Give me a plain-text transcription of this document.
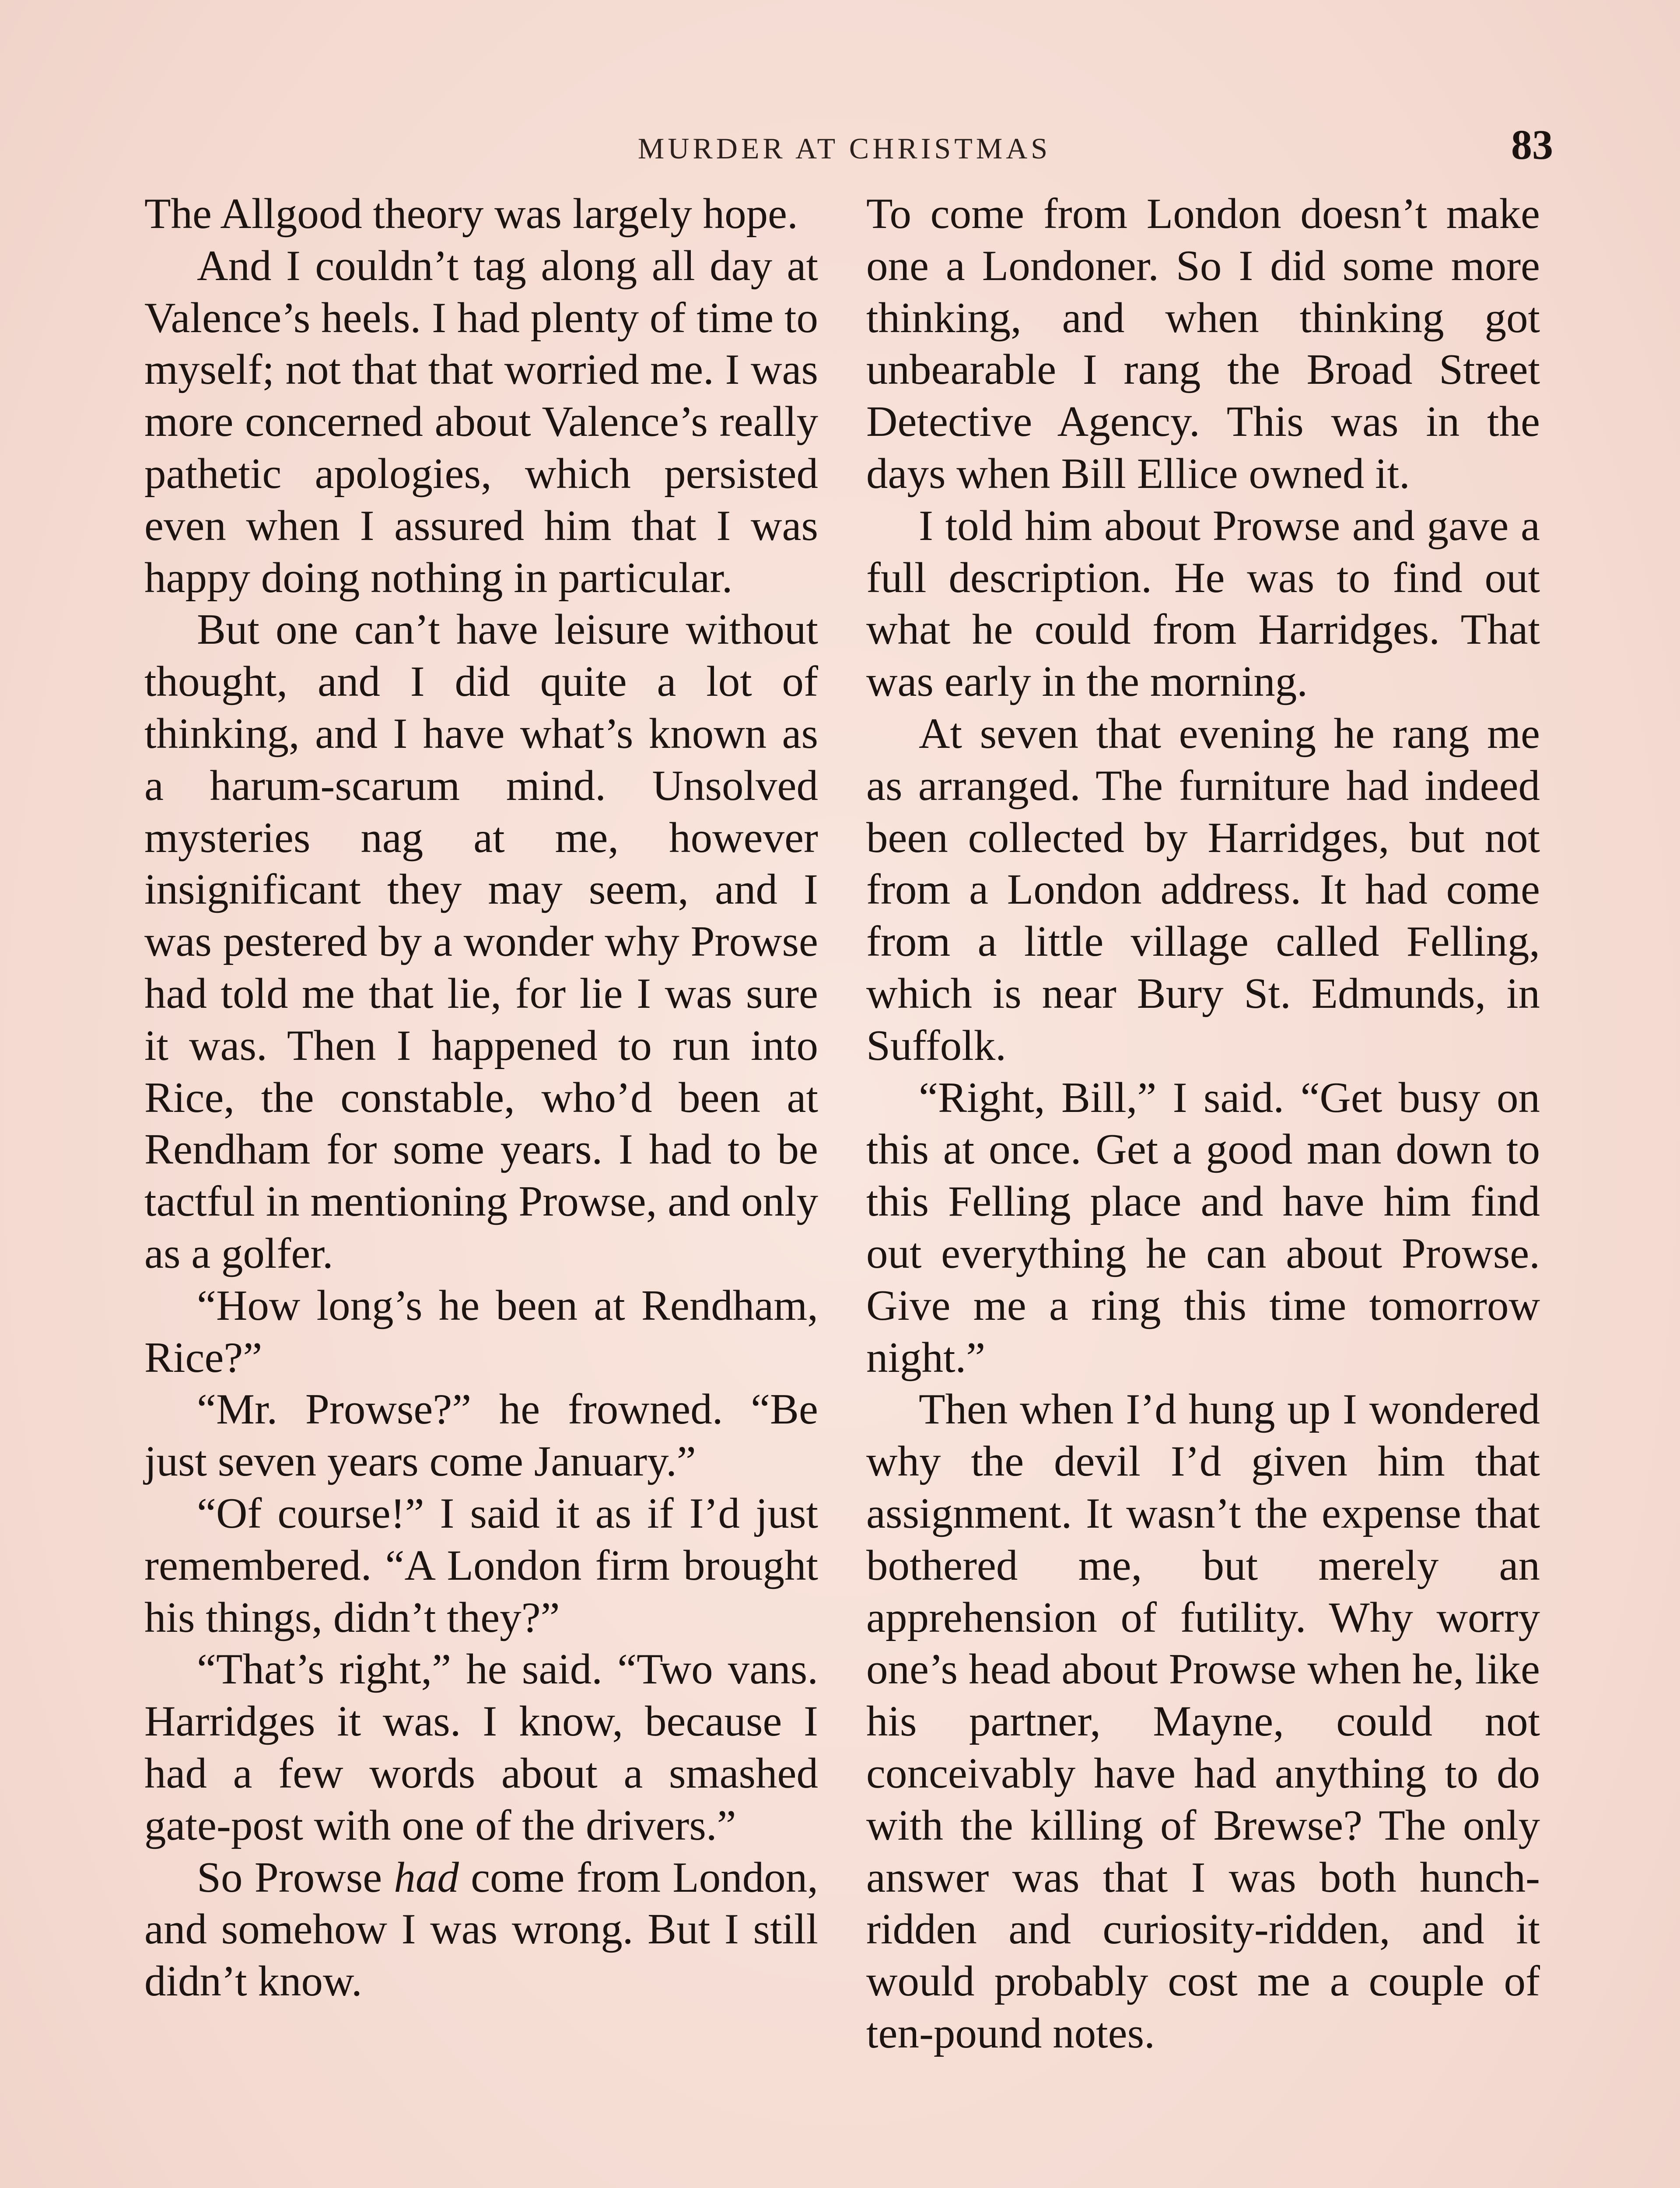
MURDER AT CHRISTMAS	83

The Allgood theory was largely hope.

And I couldn’t tag along all day at Valence’s heels. I had plenty of time to myself; not that that worried me. I was more concerned about Valence’s really pathetic apologies, which persisted even when I assured him that I was happy doing nothing in particular.

But one can’t have leisure without thought, and I did quite a lot of thinking, and I have what’s known as a harum-scarum mind. Unsolved mysteries nag at me, however insignificant they may seem, and I was pestered by a wonder why Prowse had told me that lie, for lie I was sure it was. Then I happened to run into Rice, the constable, who’d been at Rendham for some years. I had to be tactful in mentioning Prowse, and only as a golfer.

“How long’s he been at Rendham, Rice?”

“Mr. Prowse?” he frowned. “Be just seven years come January.”

“Of course!” I said it as if I’d just remembered. “A London firm brought his things, didn’t they?”

“That’s right,” he said. “Two vans. Harridges it was. I know, because I had a few words about a smashed gate-post with one of the drivers.”

So Prowse had come from London, and somehow I was wrong. But I still didn’t know.

To come from London doesn’t make one a Londoner. So I did some more thinking, and when thinking got unbearable I rang the Broad Street Detective Agency. This was in the days when Bill Ellice owned it.

I told him about Prowse and gave a full description. He was to find out what he could from Harridges. That was early in the morning.

At seven that evening he rang me as arranged. The furniture had indeed been collected by Harridges, but not from a London address. It had come from a little village called Felling, which is near Bury St. Edmunds, in Suffolk.

“Right, Bill,” I said. “Get busy on this at once. Get a good man down to this Felling place and have him find out everything he can about Prowse. Give me a ring this time tomorrow night.”

Then when I’d hung up I wondered why the devil I’d given him that assignment. It wasn’t the expense that bothered me, but merely an apprehension of futility. Why worry one’s head about Prowse when he, like his partner, Mayne, could not conceivably have had anything to do with the killing of Brewse? The only answer was that I was both hunch-ridden and curiosity-ridden, and it would probably cost me a couple of ten-pound notes.
